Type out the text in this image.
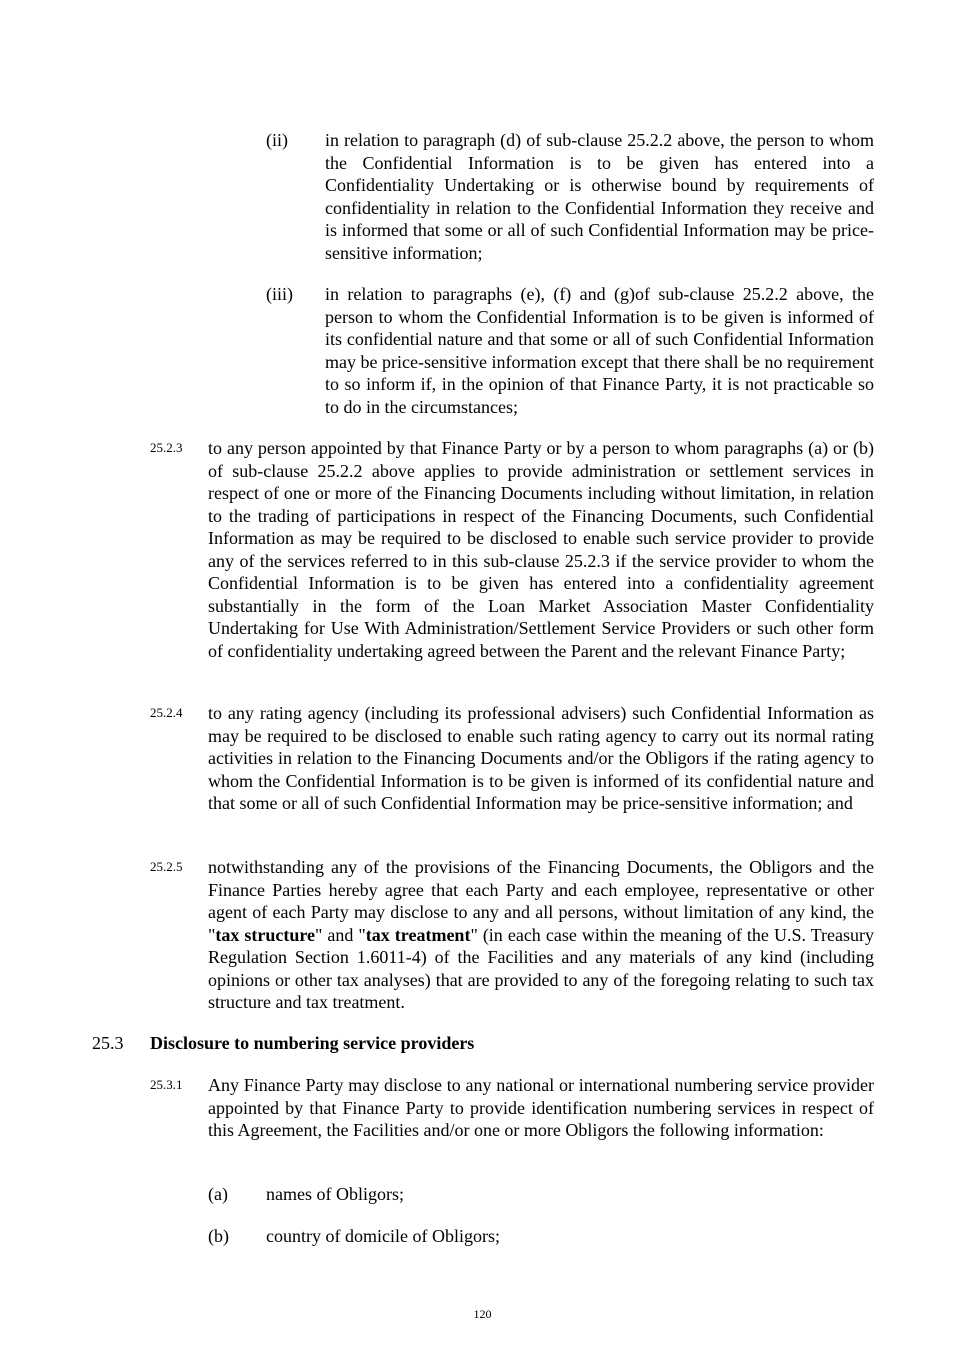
(ii) in relation to paragraph (d) of sub-clause 25.2.2 above, the person to whom the Confidential Information is to be given has entered into a Confidentiality Undertaking or is otherwise bound by requirements of confidentiality in relation to the Confidential Information they receive and is informed that some or all of such Confidential Information may be price-sensitive information;
(iii) in relation to paragraphs (e), (f) and (g)of sub-clause 25.2.2 above, the person to whom the Confidential Information is to be given is informed of its confidential nature and that some or all of such Confidential Information may be price-sensitive information except that there shall be no requirement to so inform if, in the opinion of that Finance Party, it is not practicable so to do in the circumstances;
25.2.3 to any person appointed by that Finance Party or by a person to whom paragraphs (a) or (b) of sub-clause 25.2.2 above applies to provide administration or settlement services in respect of one or more of the Financing Documents including without limitation, in relation to the trading of participations in respect of the Financing Documents, such Confidential Information as may be required to be disclosed to enable such service provider to provide any of the services referred to in this sub-clause 25.2.3 if the service provider to whom the Confidential Information is to be given has entered into a confidentiality agreement substantially in the form of the Loan Market Association Master Confidentiality Undertaking for Use With Administration/Settlement Service Providers or such other form of confidentiality undertaking agreed between the Parent and the relevant Finance Party;
25.2.4 to any rating agency (including its professional advisers) such Confidential Information as may be required to be disclosed to enable such rating agency to carry out its normal rating activities in relation to the Financing Documents and/or the Obligors if the rating agency to whom the Confidential Information is to be given is informed of its confidential nature and that some or all of such Confidential Information may be price-sensitive information; and
25.2.5 notwithstanding any of the provisions of the Financing Documents, the Obligors and the Finance Parties hereby agree that each Party and each employee, representative or other agent of each Party may disclose to any and all persons, without limitation of any kind, the "tax structure" and "tax treatment" (in each case within the meaning of the U.S. Treasury Regulation Section 1.6011-4) of the Facilities and any materials of any kind (including opinions or other tax analyses) that are provided to any of the foregoing relating to such tax structure and tax treatment.
25.3 Disclosure to numbering service providers
25.3.1 Any Finance Party may disclose to any national or international numbering service provider appointed by that Finance Party to provide identification numbering services in respect of this Agreement, the Facilities and/or one or more Obligors the following information:
(a) names of Obligors;
(b) country of domicile of Obligors;
120
